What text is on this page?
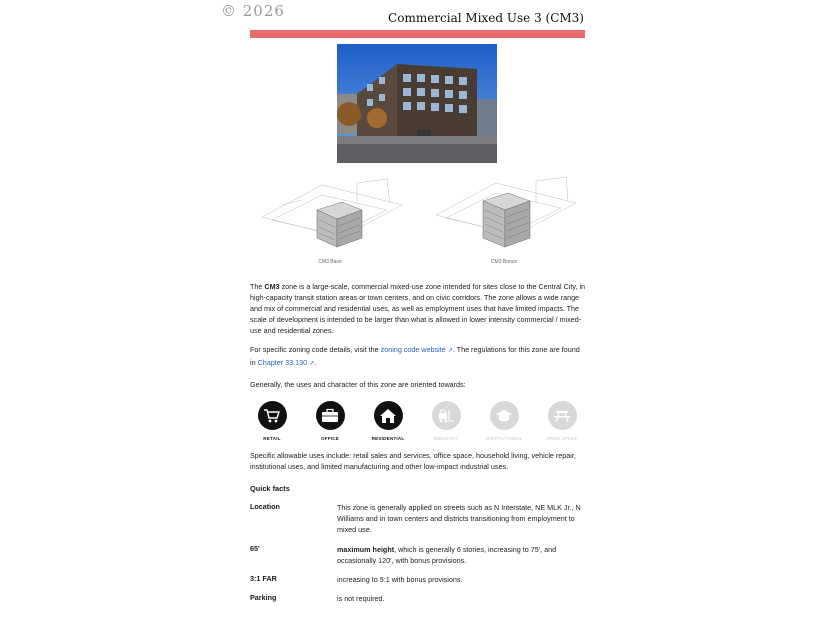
© 2026	Commercial Mixed Use 3 (CM3)
CM3 Base	CM3 Bonus
The CM3 zone is a large-scale, commercial mixed-use zone intended for sites close to the Central City, in high-capacity transit station areas or town centers, and on civic corridors. The zone allows a wide range and mix of commercial and residential uses, as well as employment uses that have limited impacts. The scale of development is intended to be larger than what is allowed in lower intensity commercial / mixed-use and residential zones.
For specific zoning code details, visit the zoning code website ↗. The regulations for this zone are found in Chapter 33.130 ↗.
Generally, the uses and character of this zone are oriented towards:
RETAIL	OFFICE	RESIDENTIAL	INDUSTRY	INSTITUTIONAL	OPEN SPACE
Specific allowable uses include: retail sales and services, office space, household living, vehicle repair, institutional uses, and limited manufacturing and other low-impact industrial uses.
Quick facts
Location	This zone is generally applied on streets such as N Interstate, NE MLK Jr., N Williams and in town centers and districts transitioning from employment to mixed use.
65'	maximum height, which is generally 6 stories, increasing to 75', and occasionally 120', with bonus provisions.
3:1 FAR	increasing to 5:1 with bonus provisions.
Parking	is not required.
